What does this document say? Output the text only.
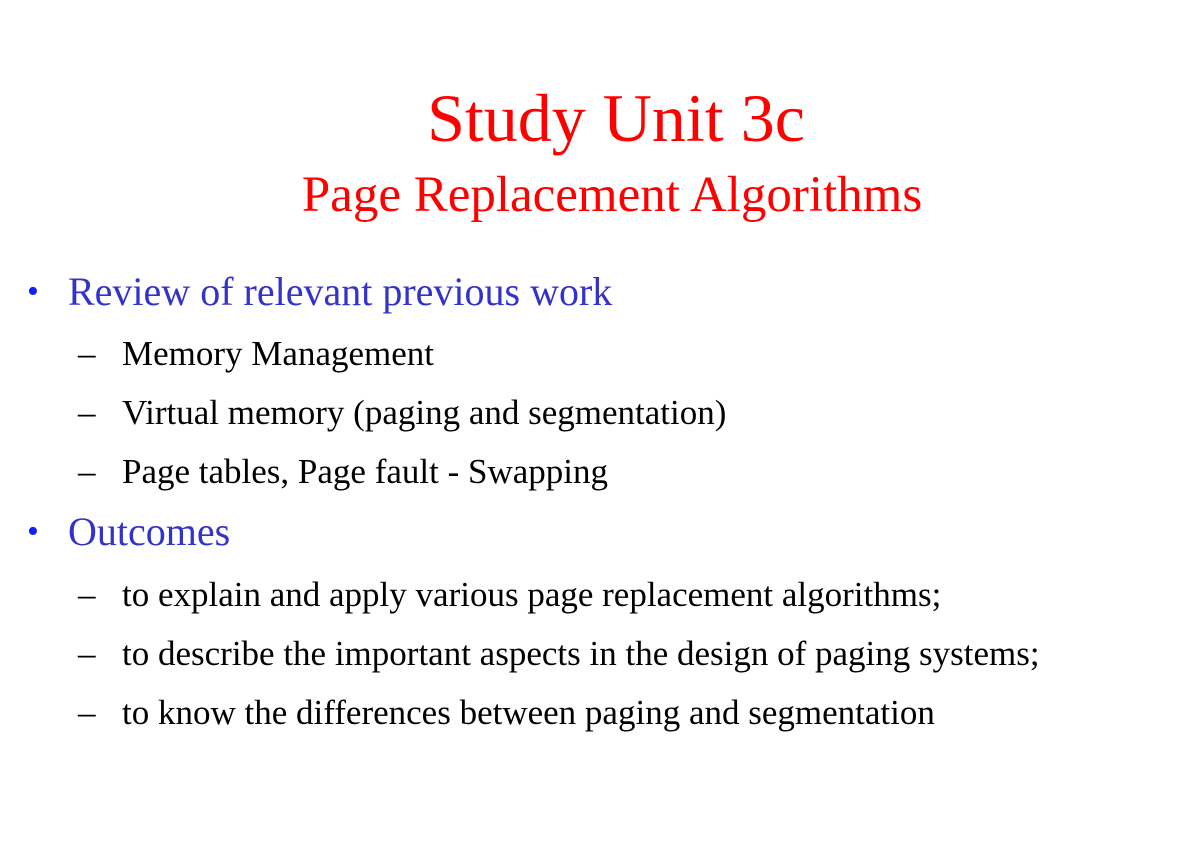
Study Unit 3c
Page Replacement Algorithms
• Review of relevant previous work
– Memory Management
– Virtual memory (paging and segmentation)
– Page tables, Page fault - Swapping
• Outcomes
– to explain and apply various page replacement algorithms;
– to describe the important aspects in the design of paging systems;
– to know the differences between paging and segmentation
